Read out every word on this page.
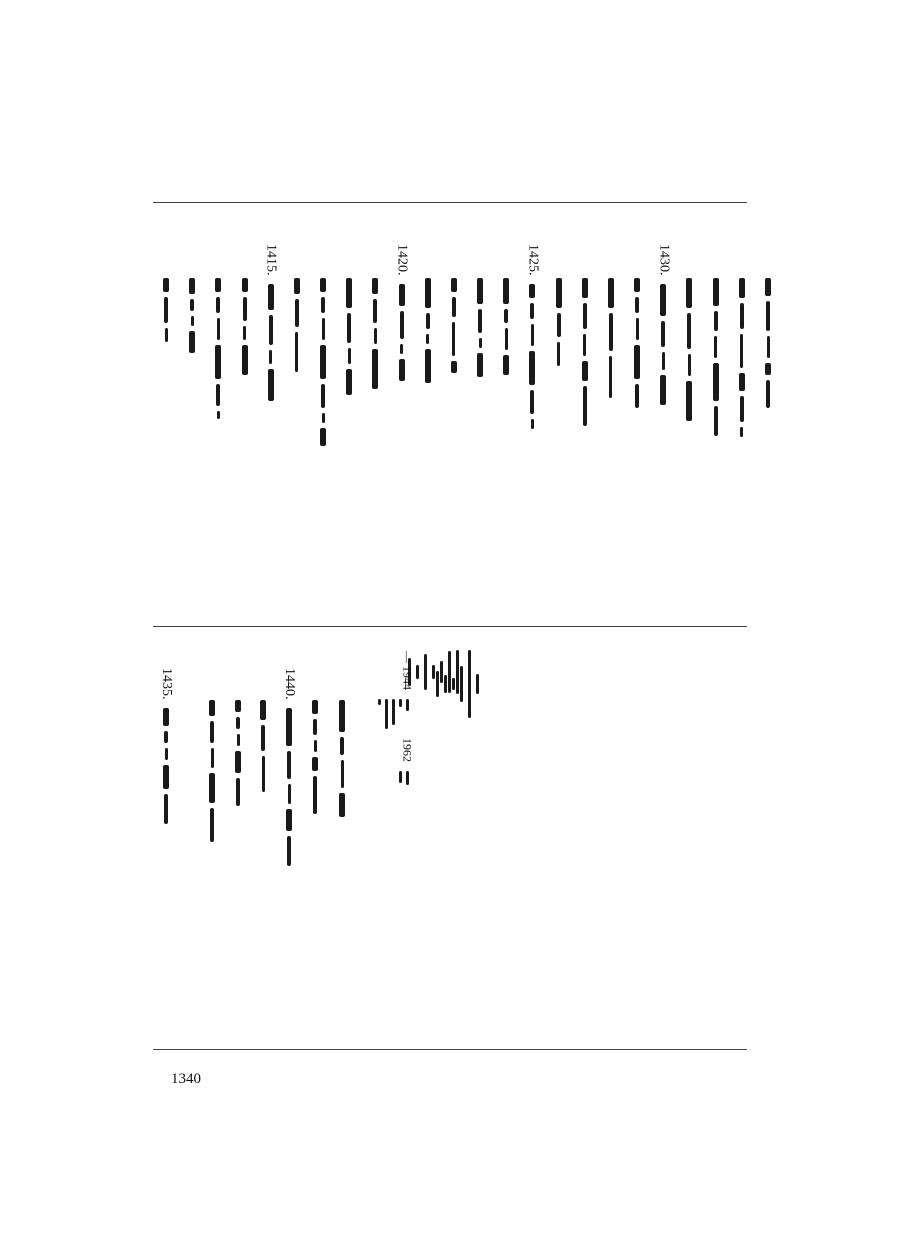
— 1944
1962
1340
1430.
1425.
1420.
1415.
1440.
1435.
